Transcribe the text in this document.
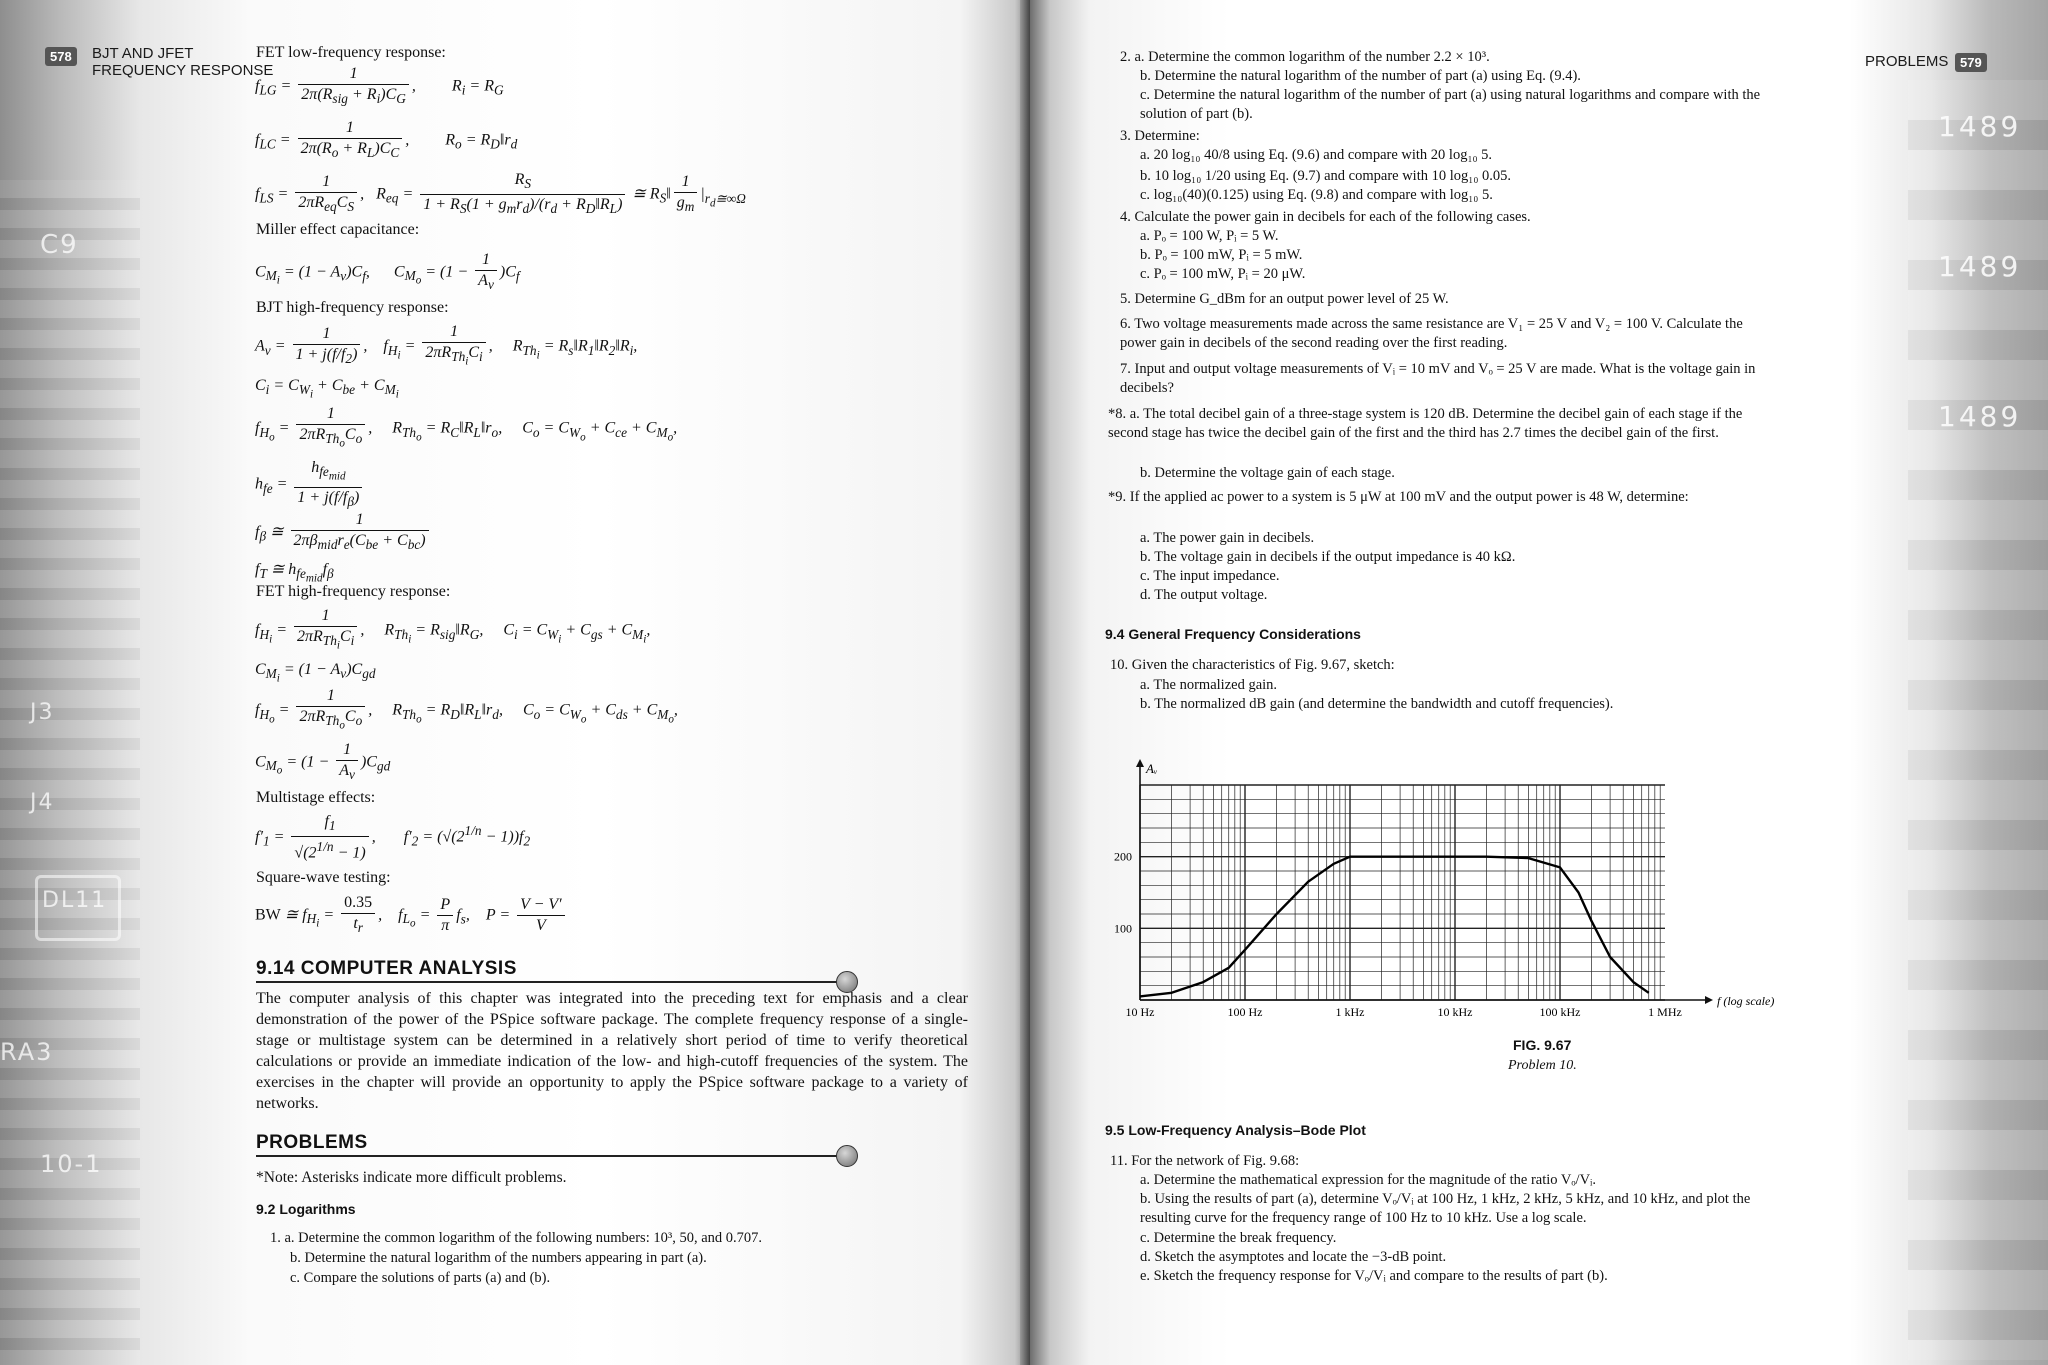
C9
J3
J4
DL11
RA3
10-1
578	BJT AND JFET
FREQUENCY RESPONSE
FET low-frequency response:
$f_{LG} = \frac{1}{2\pi(R_{sig} + R_i)C_G}$ ,         $R_i = R_G$
$f_{LC} = \frac{1}{2\pi(R_o + R_L)C_C}$ ,         $R_o$ = $R_D‖r_d$
$f_{LS} = \frac{1}{2\pi R_{eq}C_S}$ ,   $R_{eq} = \frac{R_S}{1 + R_S(1 + g_mr_d)/(r_d + R_D‖R_L)}$ ≅ $R_S‖ \frac{1}{g_m} |_{r_d≅\infty\Omega}$
Miller effect capacitance:
$C_{M_i} = (1 - A_v)C_f$,      $C_{M_o} = (1 - \frac{1}{A_v} )C_f$
BJT high-frequency response:
$A_v = \frac{1}{1 + j(f/f_2)}$ ,    $f_{H_i} = \frac{1}{2\pi R_{Th_i}C_i}$ ,     $R_{Th_i}$ = $R_s‖R_1‖R_2‖R_i$,
$C_i = C_{W_i} + C_{be} + C_{M_i}$
$f_{H_o} = \frac{1}{2\pi R_{Th_o}C_o}$ ,     $R_{Th_o}$ = $R_C‖R_L‖r_o$,     $C_o = C_{W_o} + C_{ce} + C_{M_o}$,
$h_{fe} = \frac{h_{fe_{mid}}}{1 + j(f/f_\beta)}$
$f_\beta$ ≅ $\frac{1}{2\pi\beta_{mid}r_e(C_{be} + C_{bc})}$
$f_T$ ≅ $h_{fe_{mid}}f_\beta$
FET high-frequency response:
$f_{H_i} = \frac{1}{2\pi R_{Th_i}C_i}$ ,     $R_{Th_i}$ = $R_{sig}‖R_G$,     $C_i = C_{W_i} + C_{gs} + C_{M_i}$,
$C_{M_i} = (1 - A_v)C_{gd}$
$f_{H_o} = \frac{1}{2\pi R_{Th_o}C_o}$ ,     $R_{Th_o}$ = $R_D‖R_L‖r_d$,     $C_o = C_{W_o} + C_{ds} + C_{M_o}$,
$C_{M_o} = (1 - \frac{1}{A_v} )C_{gd}$
Multistage effects:
$f'_1 = \frac{f_1}{√(2^{1/n} - 1)}$ ,       $f'_2 = (√(2^{1/n} - 1))f_2$
Square-wave testing:
BW ≅ $f_{H_i} = \frac{0.35}{t_r}$ ,    $f_{L_o} = \frac{P}{\pi} f_s$,    $P = \frac{V - V'}{V}$
9.14 COMPUTER ANALYSIS
The computer analysis of this chapter was integrated into the preceding text for emphasis and a clear demonstration of the power of the PSpice software package. The complete frequency response of a single-stage or multistage system can be determined in a relatively short period of time to verify theoretical calculations or provide an immediate indication of the low- and high-cutoff frequencies of the system. The exercises in the chapter will provide an opportunity to apply the PSpice software package to a variety of networks.
PROBLEMS
*Note: Asterisks indicate more difficult problems.
9.2 Logarithms
1. a. Determine the common logarithm of the following numbers: 10³, 50, and 0.707.
b. Determine the natural logarithm of the numbers appearing in part (a).
c. Compare the solutions of parts (a) and (b).
1489
1489
1489
PROBLEMS 579
2. a. Determine the common logarithm of the number 2.2 × 10³.
b. Determine the natural logarithm of the number of part (a) using Eq. (9.4).
c. Determine the natural logarithm of the number of part (a) using natural logarithms and compare with the solution of part (b).
3. Determine:
a. 20 log₁₀ 40/8 using Eq. (9.6) and compare with 20 log₁₀ 5.
b. 10 log₁₀ 1/20 using Eq. (9.7) and compare with 10 log₁₀ 0.05.
c. log₁₀(40)(0.125) using Eq. (9.8) and compare with log₁₀ 5.
4. Calculate the power gain in decibels for each of the following cases.
a. Pₒ = 100 W, Pᵢ = 5 W.
b. Pₒ = 100 mW, Pᵢ = 5 mW.
c. Pₒ = 100 mW, Pᵢ = 20 μW.
5. Determine G_dBm for an output power level of 25 W.
6. Two voltage measurements made across the same resistance are V₁ = 25 V and V₂ = 100 V. Calculate the power gain in decibels of the second reading over the first reading.
7. Input and output voltage measurements of Vᵢ = 10 mV and Vₒ = 25 V are made. What is the voltage gain in decibels?
*8. a. The total decibel gain of a three-stage system is 120 dB. Determine the decibel gain of each stage if the second stage has twice the decibel gain of the first and the third has 2.7 times the decibel gain of the first.
b. Determine the voltage gain of each stage.
*9. If the applied ac power to a system is 5 μW at 100 mV and the output power is 48 W, determine:
a. The power gain in decibels.
b. The voltage gain in decibels if the output impedance is 40 kΩ.
c. The input impedance.
d. The output voltage.
9.4 General Frequency Considerations
10. Given the characteristics of Fig. 9.67, sketch:
a. The normalized gain.
b. The normalized dB gain (and determine the bandwidth and cutoff frequencies).
Aᵥ
f (log scale)
100
200
10 Hz	100 Hz	1 kHz	10 kHz	100 kHz	1 MHz
FIG. 9.67
Problem 10.
9.5 Low-Frequency Analysis–Bode Plot
11. For the network of Fig. 9.68:
a. Determine the mathematical expression for the magnitude of the ratio Vₒ/Vᵢ.
b. Using the results of part (a), determine Vₒ/Vᵢ at 100 Hz, 1 kHz, 2 kHz, 5 kHz, and 10 kHz, and plot the resulting curve for the frequency range of 100 Hz to 10 kHz. Use a log scale.
c. Determine the break frequency.
d. Sketch the asymptotes and locate the −3-dB point.
e. Sketch the frequency response for Vₒ/Vᵢ and compare to the results of part (b).
